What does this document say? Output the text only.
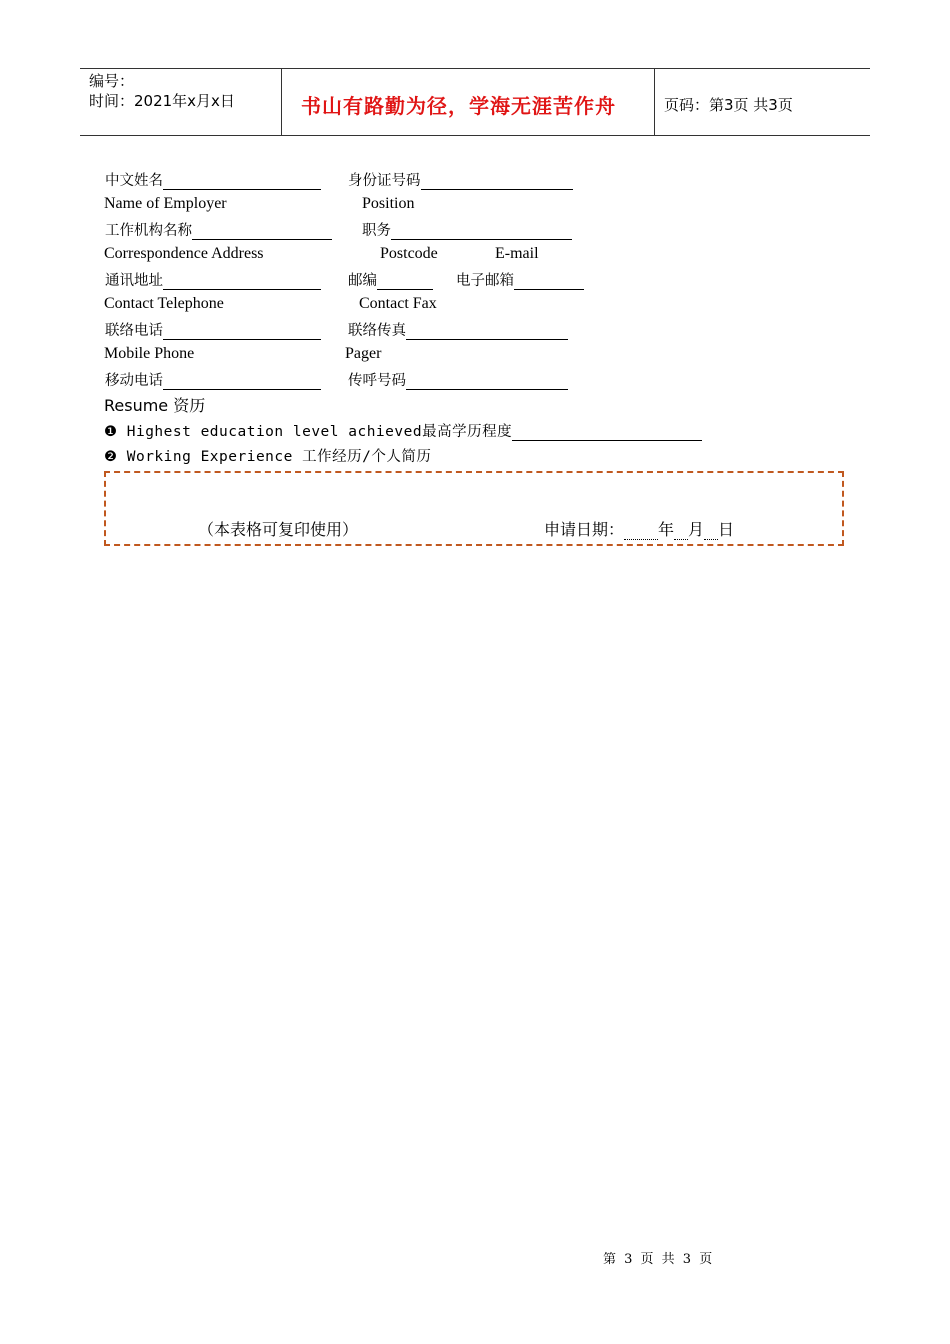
编号：
时间：2021年x月x日	书山有路勤为径，学海无涯苦作舟	页码：第3页 共3页
中文姓名	身份证号码
Name of Employer	Position
工作机构名称	职务
Correspondence Address	Postcode	E-mail
通讯地址	邮编	电子邮箱
Contact Telephone	Contact Fax
联络电话	联络传真
Mobile Phone	Pager
移动电话	传呼号码
Resume 资历
❶ Highest education level achieved最高学历程度
❷ Working Experience 工作经历/个人简历
（本表格可复印使用）	申请日期： 年 月 日
第 3 页 共 3 页
